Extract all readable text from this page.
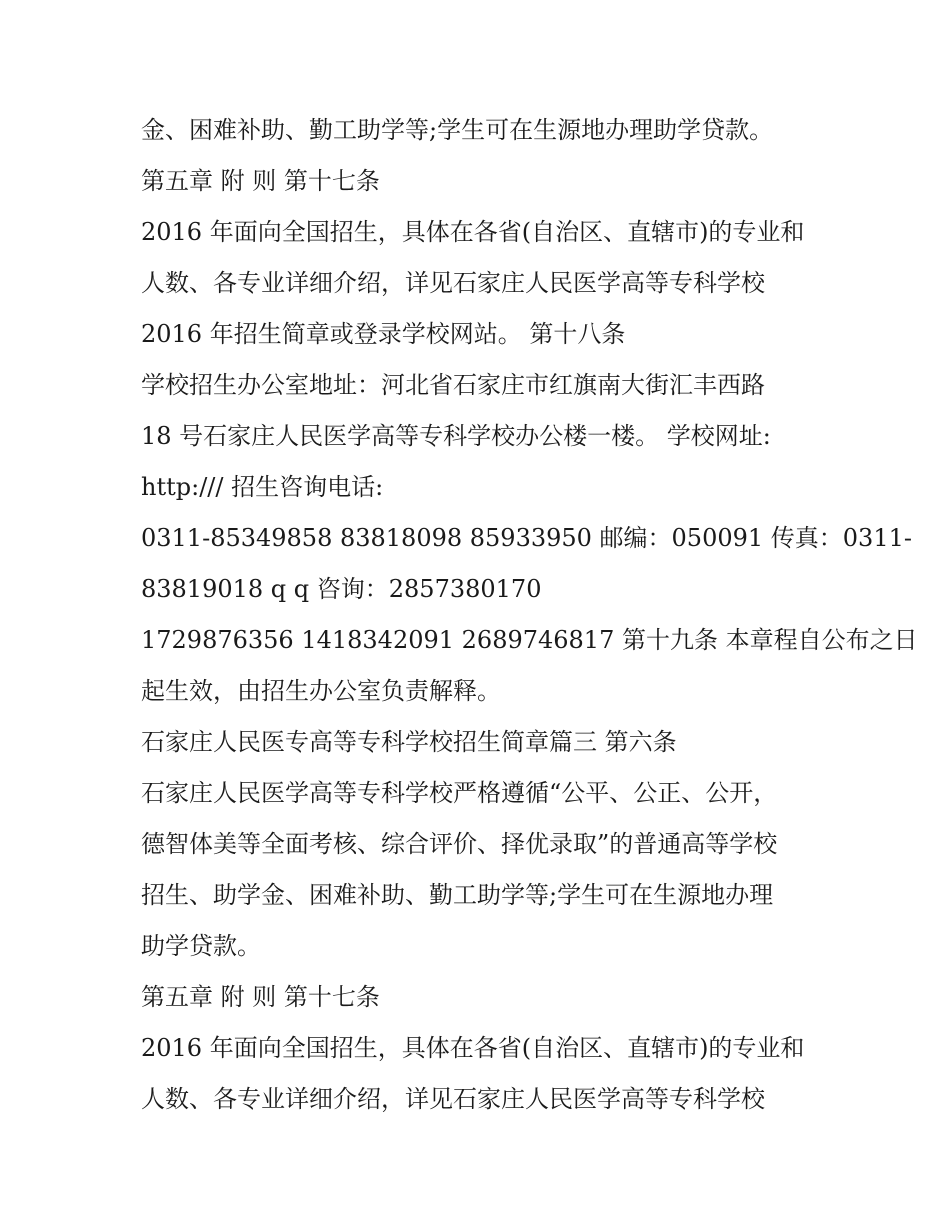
金、困难补助、勤工助学等;学生可在生源地办理助学贷款。
第五章 附 则 第十七条
2016 年面向全国招生，具体在各省(自治区、直辖市)的专业和
人数、各专业详细介绍，详见石家庄人民医学高等专科学校
2016 年招生简章或登录学校网站。 第十八条
学校招生办公室地址：河北省石家庄市红旗南大街汇丰西路
18 号石家庄人民医学高等专科学校办公楼一楼。 学校网址:
http:/// 招生咨询电话:
0311-85349858 83818098 85933950 邮编：050091 传真：0311-
83819018 q q 咨询：2857380170
1729876356 1418342091 2689746817 第十九条 本章程自公布之日
起生效，由招生办公室负责解释。
石家庄人民医专高等专科学校招生简章篇三 第六条
石家庄人民医学高等专科学校严格遵循“公平、公正、公开，
德智体美等全面考核、综合评价、择优录取”的普通高等学校
招生、助学金、困难补助、勤工助学等;学生可在生源地办理
助学贷款。
第五章 附 则 第十七条
2016 年面向全国招生，具体在各省(自治区、直辖市)的专业和
人数、各专业详细介绍，详见石家庄人民医学高等专科学校
